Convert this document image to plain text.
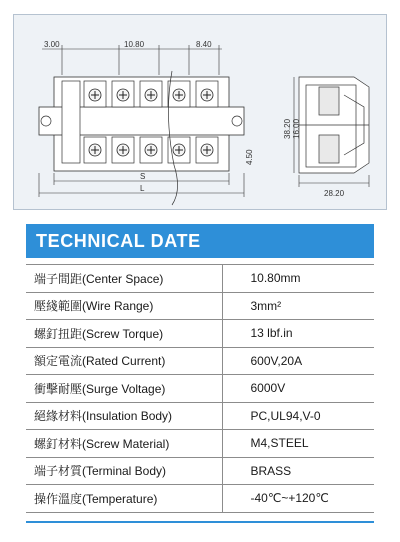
3.00	10.80	8.40
S
L
4.50
38.20 16.00
28.20
TECHNICAL DATE
端子間距(Center Space)	10.80mm
壓綫範圍(Wire Range)	3mm²
螺釘扭距(Screw Torque)	13 lbf.in
額定電流(Rated Current)	600V,20A
衝擊耐壓(Surge Voltage)	6000V
絕緣材料(Insulation Body)	PC,UL94,V-0
螺釘材料(Screw Material)	M4,STEEL
端子材質(Terminal Body)	BRASS
操作溫度(Temperature)	-40℃~+120℃
